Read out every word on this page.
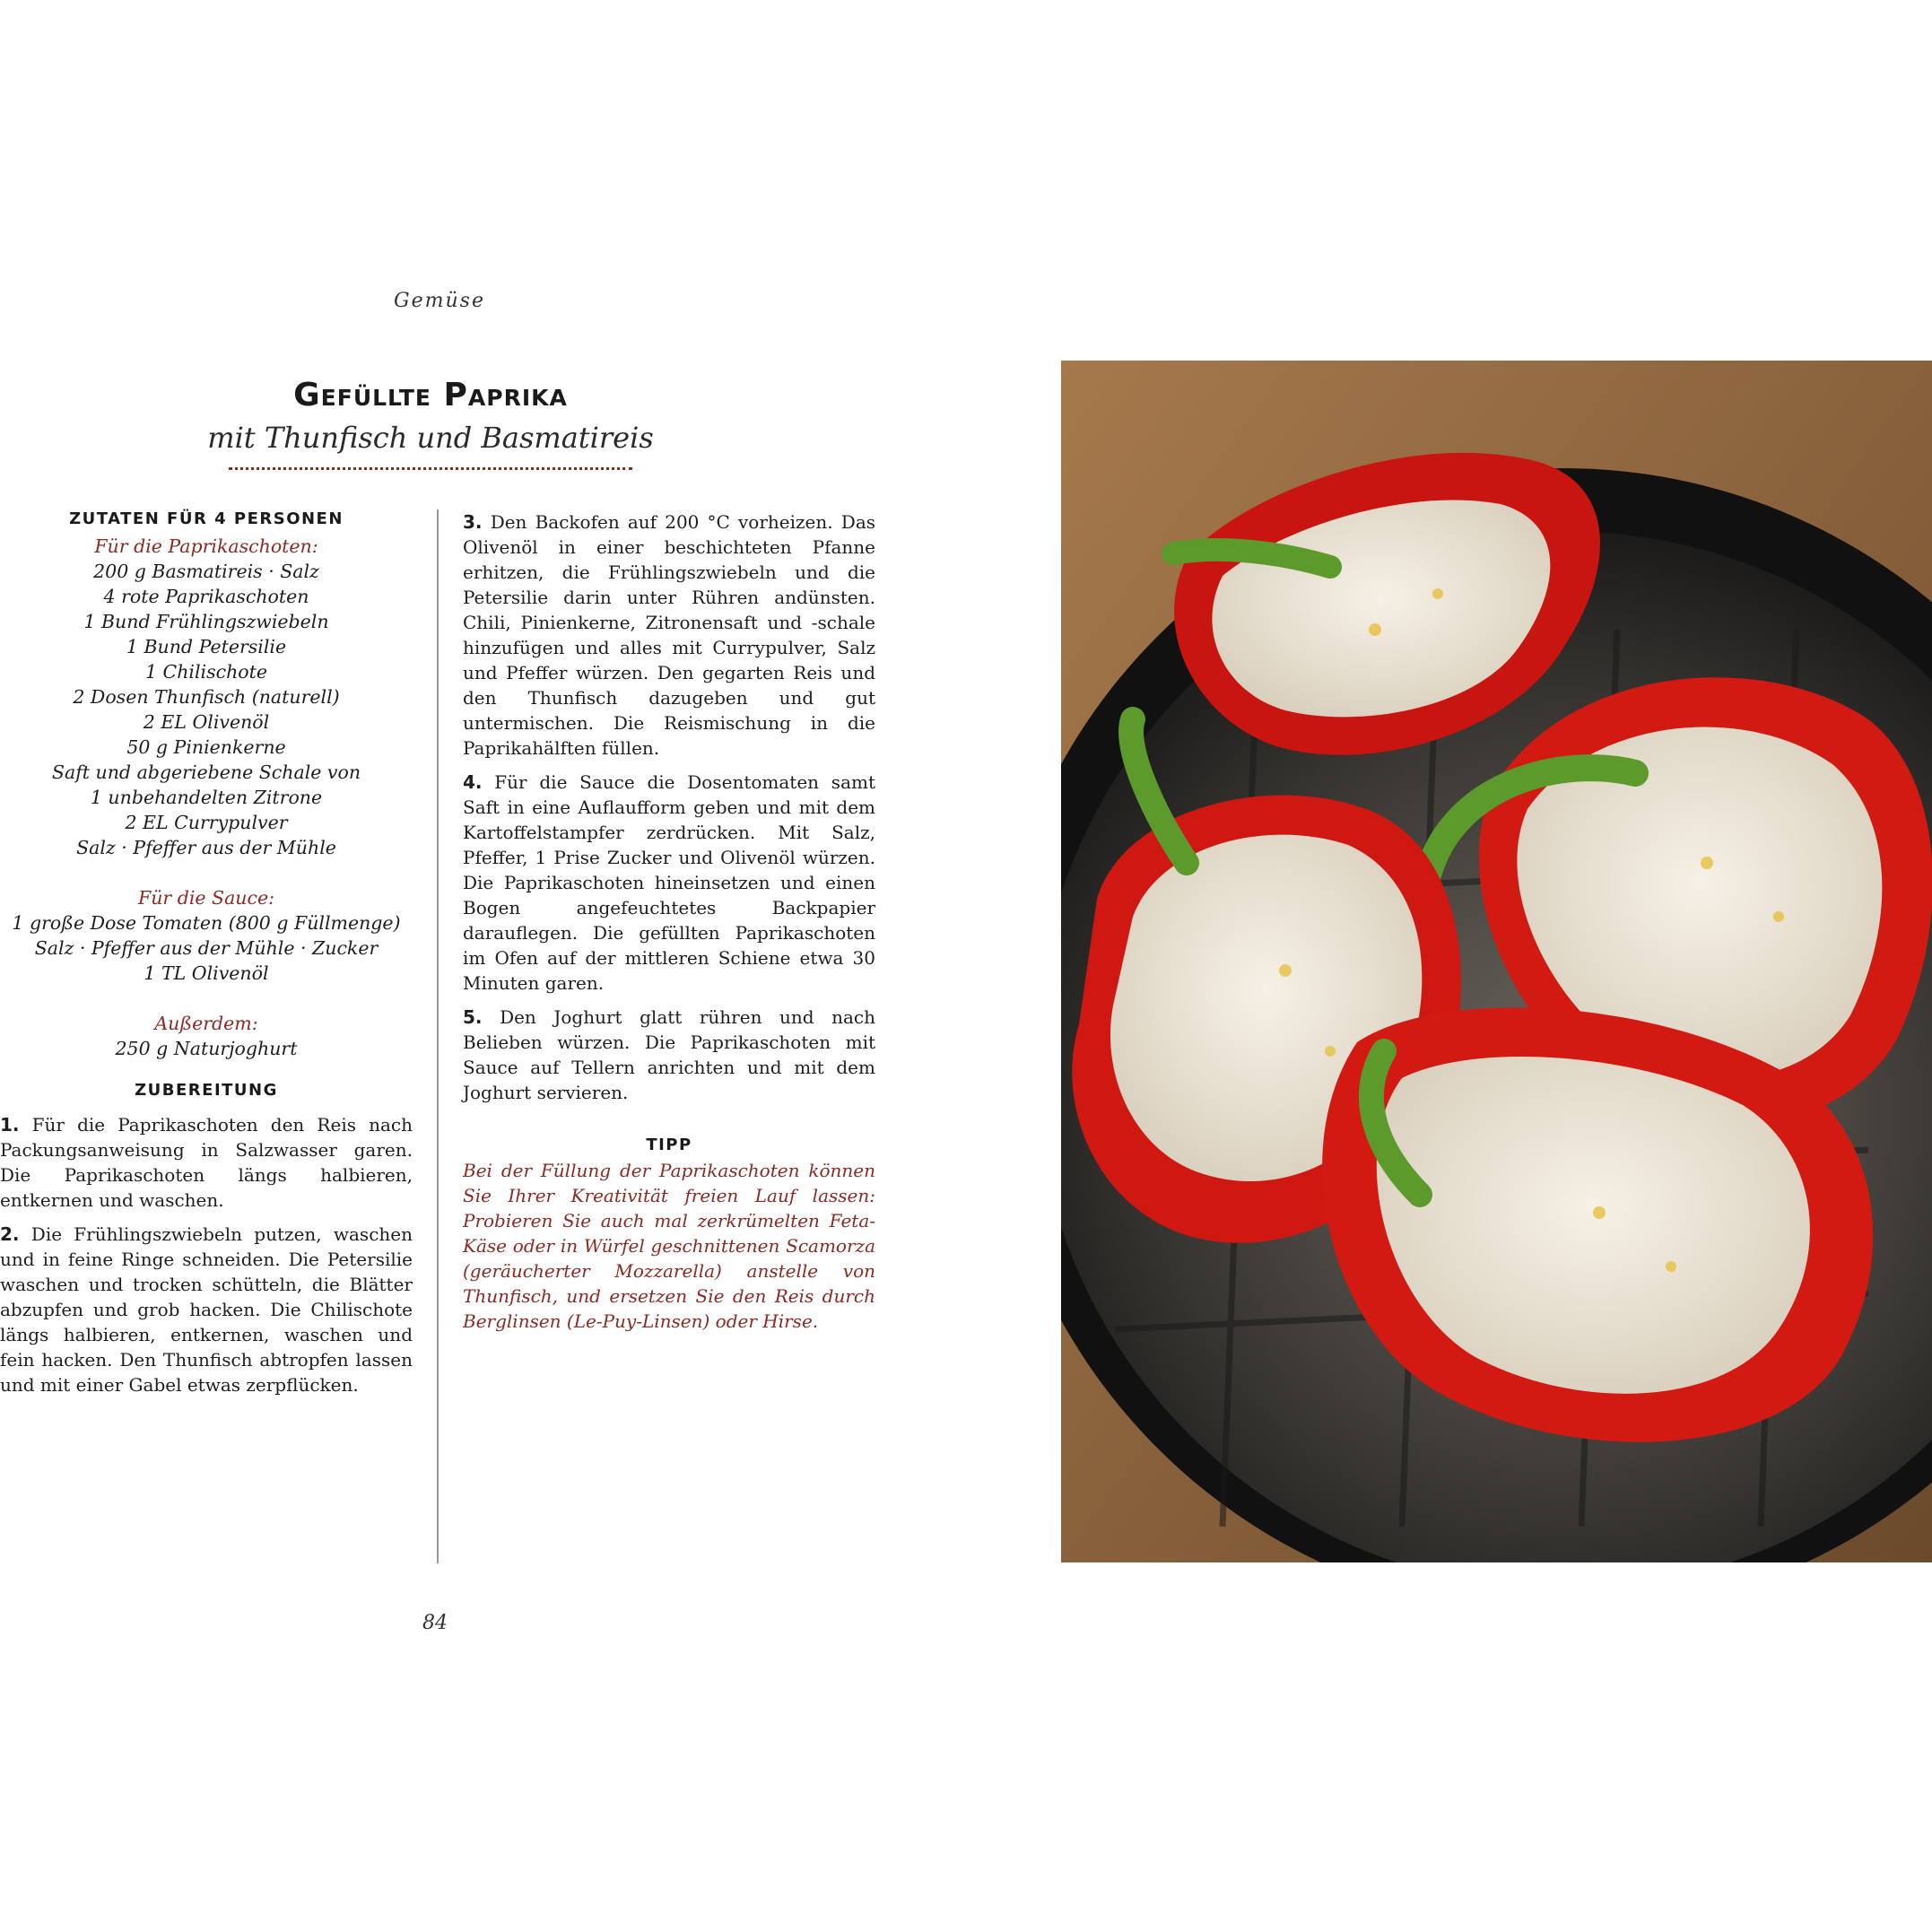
Gemüse
Gefüllte Paprika
mit Thunfisch und Basmatireis
ZUTATEN FÜR 4 PERSONEN
Für die Paprikaschoten:
200 g Basmatireis · Salz
4 rote Paprikaschoten
1 Bund Frühlingszwiebeln
1 Bund Petersilie
1 Chilischote
2 Dosen Thunfisch (naturell)
2 EL Olivenöl
50 g Pinienkerne
Saft und abgeriebene Schale von
1 unbehandelten Zitrone
2 EL Currypulver
Salz · Pfeffer aus der Mühle
Für die Sauce:
1 große Dose Tomaten (800 g Füllmenge)
Salz · Pfeffer aus der Mühle · Zucker
1 TL Olivenöl
Außerdem:
250 g Naturjoghurt
ZUBEREITUNG

1. Für die Paprikaschoten den Reis nach Packungsanweisung in Salzwasser garen. Die Paprikaschoten längs halbieren, entkernen und waschen.

2. Die Frühlingszwiebeln putzen, waschen und in feine Ringe schneiden. Die Petersilie waschen und trocken schütteln, die Blätter abzupfen und grob hacken. Die Chilischote längs halbieren, entkernen, waschen und fein hacken. Den Thunfisch abtropfen lassen und mit einer Gabel etwas zerpflücken.

3. Den Backofen auf 200 °C vorheizen. Das Olivenöl in einer beschichteten Pfanne erhitzen, die Frühlingszwiebeln und die Petersilie darin unter Rühren andünsten. Chili, Pinienkerne, Zitronensaft und -schale hinzufügen und alles mit Currypulver, Salz und Pfeffer würzen. Den gegarten Reis und den Thunfisch dazugeben und gut untermischen. Die Reismischung in die Paprikahälften füllen.

4. Für die Sauce die Dosentomaten samt Saft in eine Auflaufform geben und mit dem Kartoffelstampfer zerdrücken. Mit Salz, Pfeffer, 1 Prise Zucker und Olivenöl würzen. Die Paprikaschoten hineinsetzen und einen Bogen angefeuchtetes Backpapier darauflegen. Die gefüllten Paprikaschoten im Ofen auf der mittleren Schiene etwa 30 Minuten garen.

5. Den Joghurt glatt rühren und nach Belieben würzen. Die Paprikaschoten mit Sauce auf Tellern anrichten und mit dem Joghurt servieren.

TIPP
Bei der Füllung der Paprikaschoten können Sie Ihrer Kreativität freien Lauf lassen: Probieren Sie auch mal zerkrümelten Feta-Käse oder in Würfel geschnittenen Scamorza (geräucherter Mozzarella) anstelle von Thunfisch, und ersetzen Sie den Reis durch Berglinsen (Le-Puy-Linsen) oder Hirse.
84
